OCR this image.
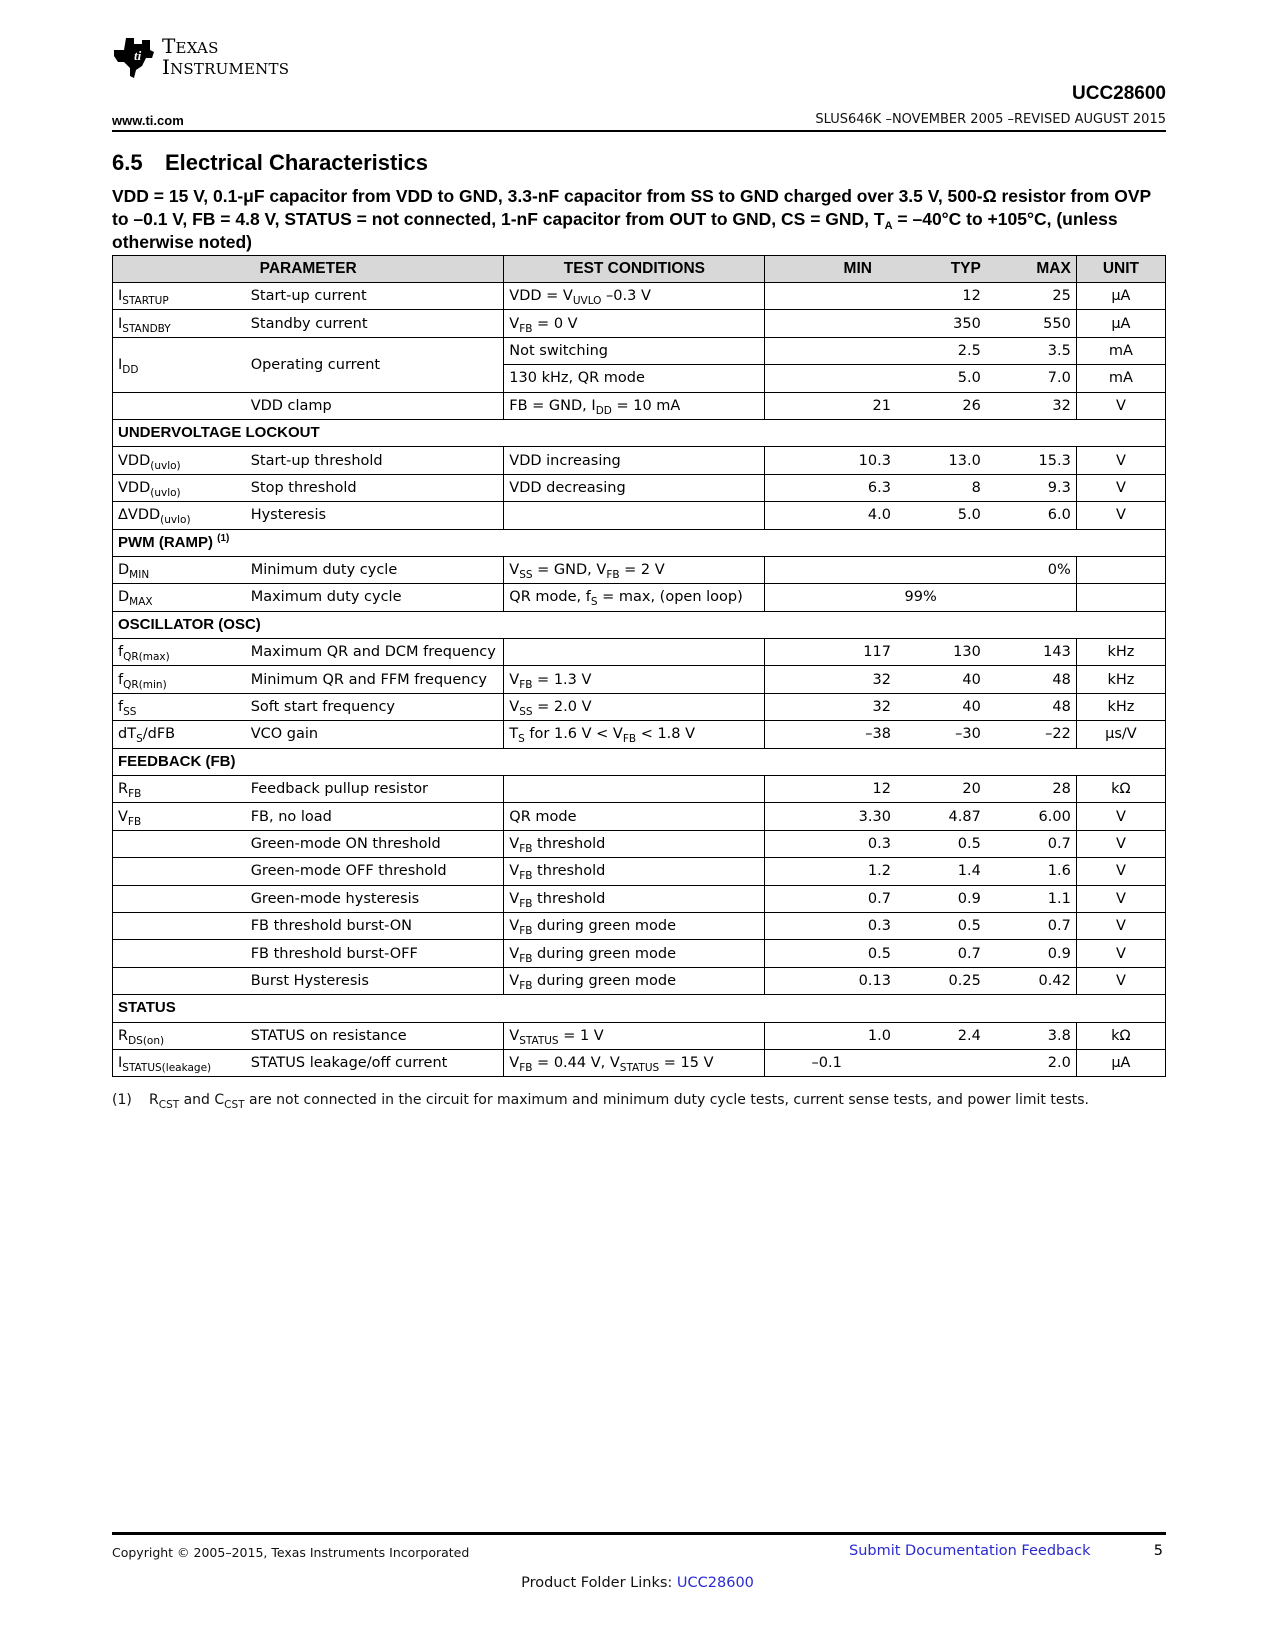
ti TEXAS
INSTRUMENTS
UCC28600
www.ti.com	SLUS646K –NOVEMBER 2005 –REVISED AUGUST 2015
6.5 Electrical Characteristics
VDD = 15 V, 0.1-μF capacitor from VDD to GND, 3.3-nF capacitor from SS to GND charged over 3.5 V, 500-Ω resistor from OVP to –0.1 V, FB = 4.8 V, STATUS = not connected, 1-nF capacitor from OUT to GND, CS = GND, $T_A = -40^\circ C$ to +105°C, (unless otherwise noted)
PARAMETER		TEST CONDITIONS	MIN	TYP	MAX	UNIT
$I_{STARTUP}$	Start-up current	VDD = $V_{UVLO}$ –0.3 V		12	25	μA
$I_{STANDBY}$	Standby current	$V_{FB} = 0$ V		350	550	μA
$I_{DD}$	Operating current	Not switching		2.5	3.5	mA
		130 kHz, QR mode		5.0	7.0	mA
	VDD clamp	FB = GND, $I_{DD} = 10$ mA	21	26	32	V
UNDERVOLTAGE LOCKOUT						
$VDD_{(uvlo)}$	Start-up threshold	VDD increasing	10.3	13.0	15.3	V
$VDD_{(uvlo)}$	Stop threshold	VDD decreasing	6.3	8	9.3	V
$\Delta VDD_{(uvlo)}$	Hysteresis		4.0	5.0	6.0	V
PWM (RAMP) $^{(1)}$
$D_{MIN}$	Minimum duty cycle	$V_{SS}$ = GND, $V_{FB} = 2$ V			0%	
$D_{MAX}$	Maximum duty cycle	QR mode, $f_S = \max$, (open loop)	99%			
OSCILLATOR (OSC)						
$f_{QR(max)}$	Maximum QR and DCM frequency		117	130	143	kHz
$f_{QR(min)}$	Minimum QR and FFM frequency	$V_{FB} = 1.3$ V	32	40	48	kHz
$f_{SS}$	Soft start frequency	$V_{SS} = 2.0$ V	32	40	48	kHz
$dT_S$/dFB	VCO gain	$T_S$ for 1.6 $V < V_{FB} < 1.8$ V	–38	–30	–22	μs/V
FEEDBACK (FB)						
$R_{FB}$	Feedback pullup resistor		12	20	28	kΩ
$V_{FB}$	FB, no load	QR mode	3.30	4.87	6.00	V
	Green-mode ON threshold	$V_{FB}$ threshold	0.3	0.5	0.7	V
	Green-mode OFF threshold	$V_{FB}$ threshold	1.2	1.4	1.6	V
	Green-mode hysteresis	$V_{FB}$ threshold	0.7	0.9	1.1	V
	FB threshold burst-ON	$V_{FB}$ during green mode	0.3	0.5	0.7	V
	FB threshold burst-OFF	$V_{FB}$ during green mode	0.5	0.7	0.9	V
	Burst Hysteresis	$V_{FB}$ during green mode	0.13	0.25	0.42	V
STATUS						
$R_{DS(on)}$	STATUS on resistance	$V_{STATUS} = 1$ V	1.0	2.4	3.8	kΩ
$I_{STATUS(leakage)}$	STATUS leakage/off current	$V_{FB} = 0.44$ V, $V_{STATUS} = 15$ V	–0.1		2.0	μA
(1) $R_{CST}$ and $C_{CST}$ are not connected in the circuit for maximum and minimum duty cycle tests, current sense tests, and power limit tests.
Copyright © 2005–2015, Texas Instruments Incorporated	Submit Documentation Feedback	5
Product Folder Links: UCC28600
